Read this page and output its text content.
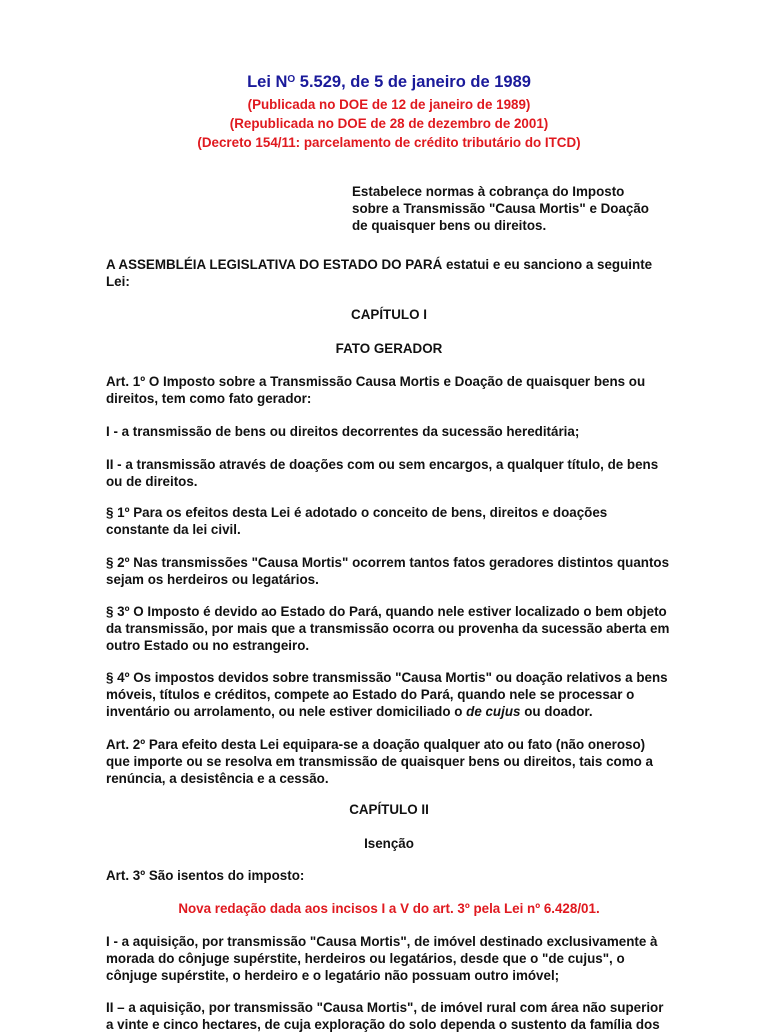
Lei $N^O$ 5.529, de 5 de janeiro de 1989
(Publicada no DOE de 12 de janeiro de 1989)
(Republicada no DOE de 28 de dezembro de 2001)
(Decreto 154/11: parcelamento de crédito tributário do ITCD)
Estabelece normas à cobrança do Imposto sobre a Transmissão "Causa Mortis" e Doação de quaisquer bens ou direitos.
A ASSEMBLÉIA LEGISLATIVA DO ESTADO DO PARÁ estatui e eu sanciono a seguinte Lei:
CAPÍTULO I
FATO GERADOR
Art. 1º O Imposto sobre a Transmissão Causa Mortis e Doação de quaisquer bens ou direitos, tem como fato gerador:
I - a transmissão de bens ou direitos decorrentes da sucessão hereditária;
II - a transmissão através de doações com ou sem encargos, a qualquer título, de bens ou de direitos.
§ 1º Para os efeitos desta Lei é adotado o conceito de bens, direitos e doações constante da lei civil.
§ 2º Nas transmissões "Causa Mortis" ocorrem tantos fatos geradores distintos quantos sejam os herdeiros ou legatários.
§ 3º O Imposto é devido ao Estado do Pará, quando nele estiver localizado o bem objeto da transmissão, por mais que a transmissão ocorra ou provenha da sucessão aberta em outro Estado ou no estrangeiro.
§ 4º Os impostos devidos sobre transmissão "Causa Mortis" ou doação relativos a bens móveis, títulos e créditos, compete ao Estado do Pará, quando nele se processar o inventário ou arrolamento, ou nele estiver domiciliado o de cujus ou doador.
Art. 2º Para efeito desta Lei equipara-se a doação qualquer ato ou fato (não oneroso) que importe ou se resolva em transmissão de quaisquer bens ou direitos, tais como a renúncia, a desistência e a cessão.
CAPÍTULO II
Isenção
Art. 3º São isentos do imposto:
Nova redação dada aos incisos I a V do art. 3º pela Lei nº 6.428/01.
I - a aquisição, por transmissão "Causa Mortis", de imóvel destinado exclusivamente à morada do cônjuge supérstite, herdeiros ou legatários, desde que o "de cujus", o cônjuge supérstite, o herdeiro e o legatário não possuam outro imóvel;
II – a aquisição, por transmissão "Causa Mortis", de imóvel rural com área não superior a vinte e cinco hectares, de cuja exploração do solo dependa o sustento da família dos
